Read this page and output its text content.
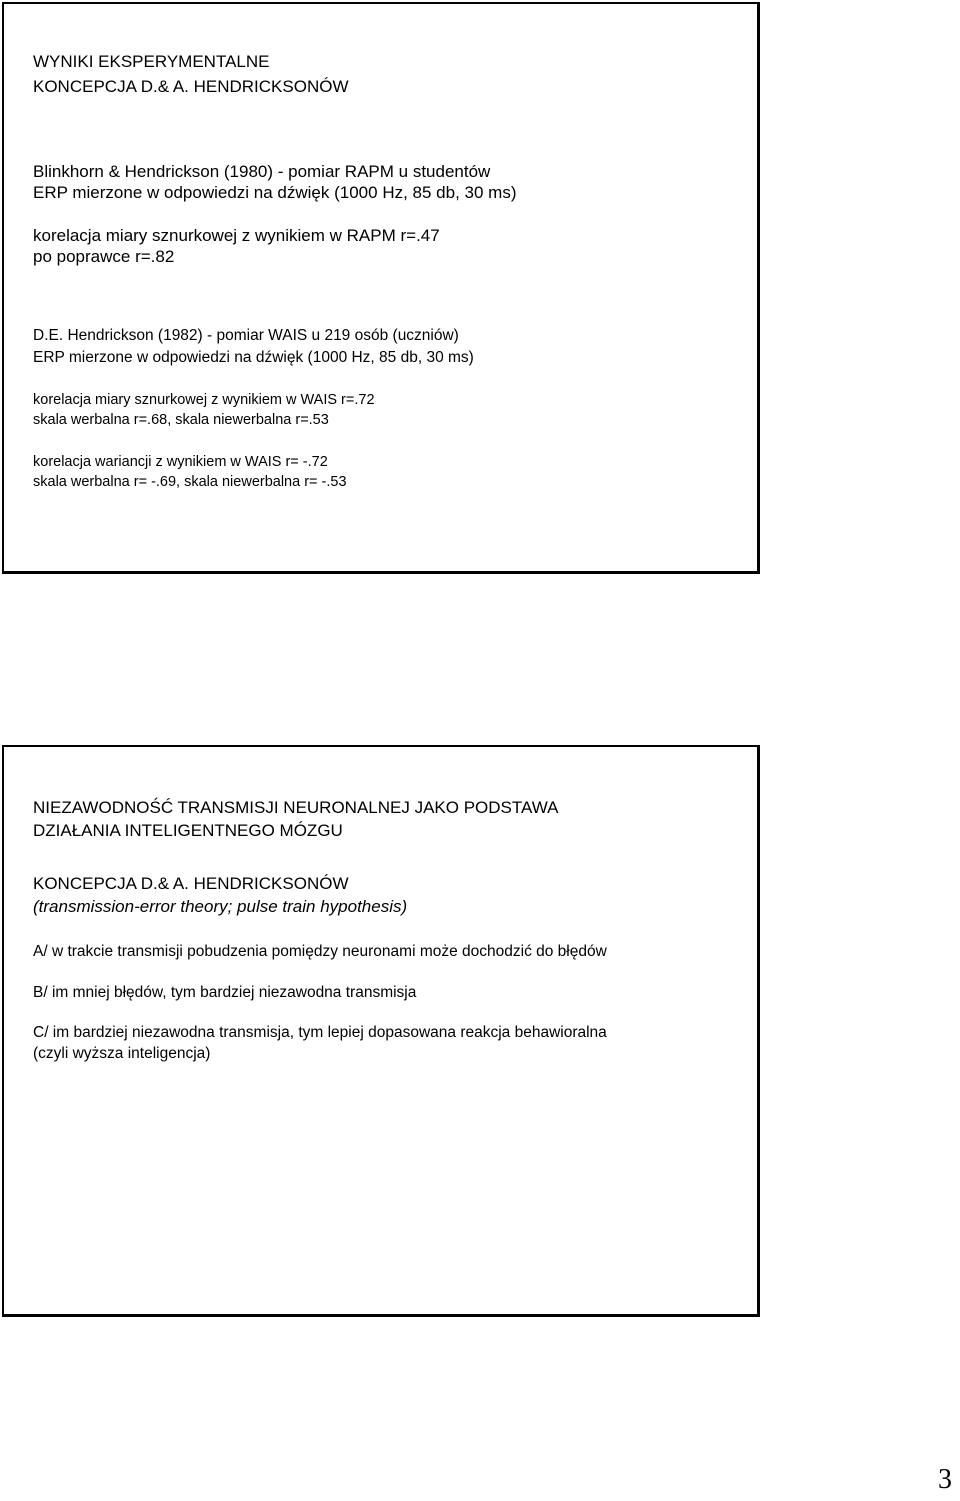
WYNIKI EKSPERYMENTALNE
KONCEPCJA D.& A. HENDRICKSONÓW
Blinkhorn & Hendrickson (1980) - pomiar RAPM u studentów
ERP mierzone w odpowiedzi na dźwięk (1000 Hz, 85 db, 30 ms)
korelacja miary sznurkowej z wynikiem w RAPM r=.47
po poprawce r=.82
D.E. Hendrickson (1982) - pomiar WAIS u 219 osób (uczniów)
ERP mierzone w odpowiedzi na dźwięk (1000 Hz, 85 db, 30 ms)
korelacja miary sznurkowej z wynikiem w WAIS r=.72
skala werbalna r=.68, skala niewerbalna r=.53
korelacja wariancji z wynikiem w WAIS r= -.72
skala werbalna r= -.69, skala niewerbalna r= -.53
NIEZAWODNOŚĆ TRANSMISJI NEURONALNEJ JAKO PODSTAWA
DZIAŁANIA INTELIGENTNEGO MÓZGU
KONCEPCJA D.& A. HENDRICKSONÓW
(transmission-error theory; pulse train hypothesis)
A/ w trakcie transmisji pobudzenia pomiędzy neuronami może dochodzić do błędów
B/ im mniej błędów, tym bardziej niezawodna transmisja
C/ im bardziej niezawodna transmisja, tym lepiej dopasowana reakcja behawioralna
(czyli wyższa inteligencja)
3
